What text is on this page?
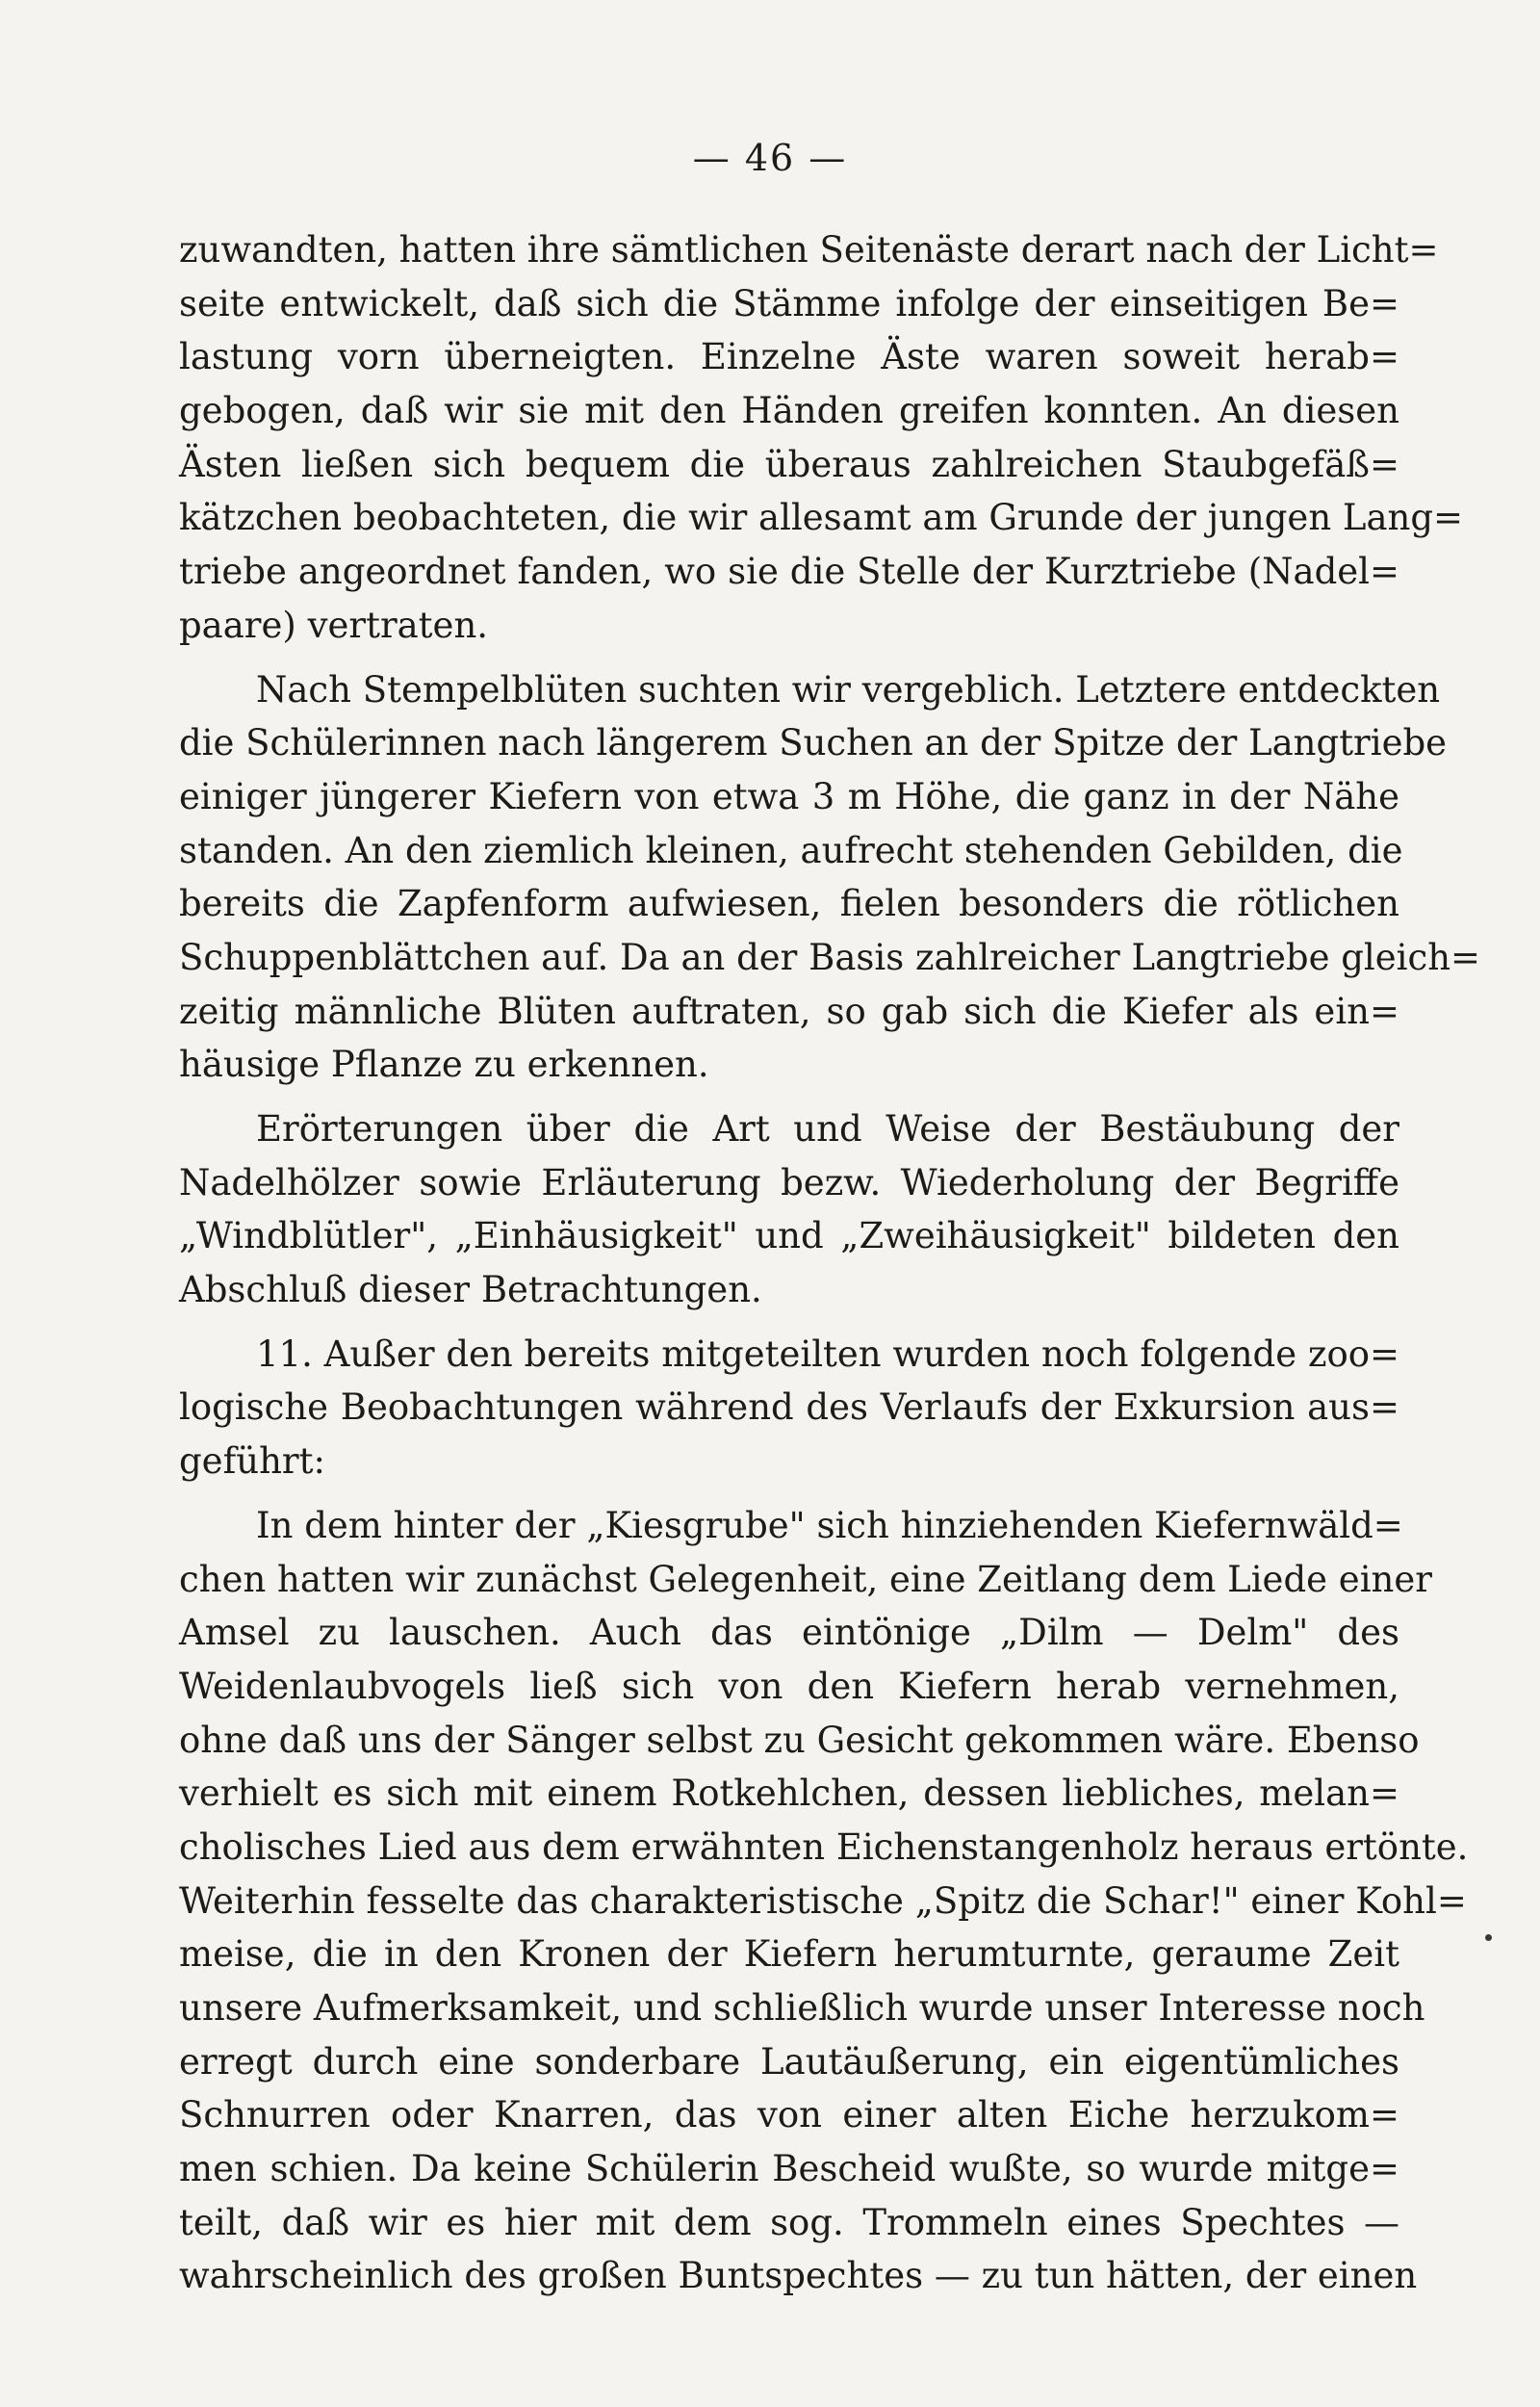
— 46 —
zuwandten, hatten ihre sämtlichen Seitenäste derart nach der Licht=
seite entwickelt, daß sich die Stämme infolge der einseitigen Be=
lastung vorn überneigten. Einzelne Äste waren soweit herab=
gebogen, daß wir sie mit den Händen greifen konnten. An diesen
Ästen ließen sich bequem die überaus zahlreichen Staubgefäß=
kätzchen beobachteten, die wir allesamt am Grunde der jungen Lang=
triebe angeordnet fanden, wo sie die Stelle der Kurztriebe (Nadel=
paare) vertraten.
Nach Stempelblüten suchten wir vergeblich. Letztere entdeckten
die Schülerinnen nach längerem Suchen an der Spitze der Langtriebe
einiger jüngerer Kiefern von etwa 3 m Höhe, die ganz in der Nähe
standen. An den ziemlich kleinen, aufrecht stehenden Gebilden, die
bereits die Zapfenform aufwiesen, fielen besonders die rötlichen
Schuppenblättchen auf. Da an der Basis zahlreicher Langtriebe gleich=
zeitig männliche Blüten auftraten, so gab sich die Kiefer als ein=
häusige Pflanze zu erkennen.
Erörterungen über die Art und Weise der Bestäubung der
Nadelhölzer sowie Erläuterung bezw. Wiederholung der Begriffe
„Windblütler", „Einhäusigkeit" und „Zweihäusigkeit" bildeten den
Abschluß dieser Betrachtungen.
11. Außer den bereits mitgeteilten wurden noch folgende zoo=
logische Beobachtungen während des Verlaufs der Exkursion aus=
geführt:
In dem hinter der „Kiesgrube" sich hinziehenden Kiefernwäld=
chen hatten wir zunächst Gelegenheit, eine Zeitlang dem Liede einer
Amsel zu lauschen. Auch das eintönige „Dilm — Delm" des
Weidenlaubvogels ließ sich von den Kiefern herab vernehmen,
ohne daß uns der Sänger selbst zu Gesicht gekommen wäre. Ebenso
verhielt es sich mit einem Rotkehlchen, dessen liebliches, melan=
cholisches Lied aus dem erwähnten Eichenstangenholz heraus ertönte.
Weiterhin fesselte das charakteristische „Spitz die Schar!" einer Kohl=
meise, die in den Kronen der Kiefern herumturnte, geraume Zeit
unsere Aufmerksamkeit, und schließlich wurde unser Interesse noch
erregt durch eine sonderbare Lautäußerung, ein eigentümliches
Schnurren oder Knarren, das von einer alten Eiche herzukom=
men schien. Da keine Schülerin Bescheid wußte, so wurde mitge=
teilt, daß wir es hier mit dem sog. Trommeln eines Spechtes —
wahrscheinlich des großen Buntspechtes — zu tun hätten, der einen
